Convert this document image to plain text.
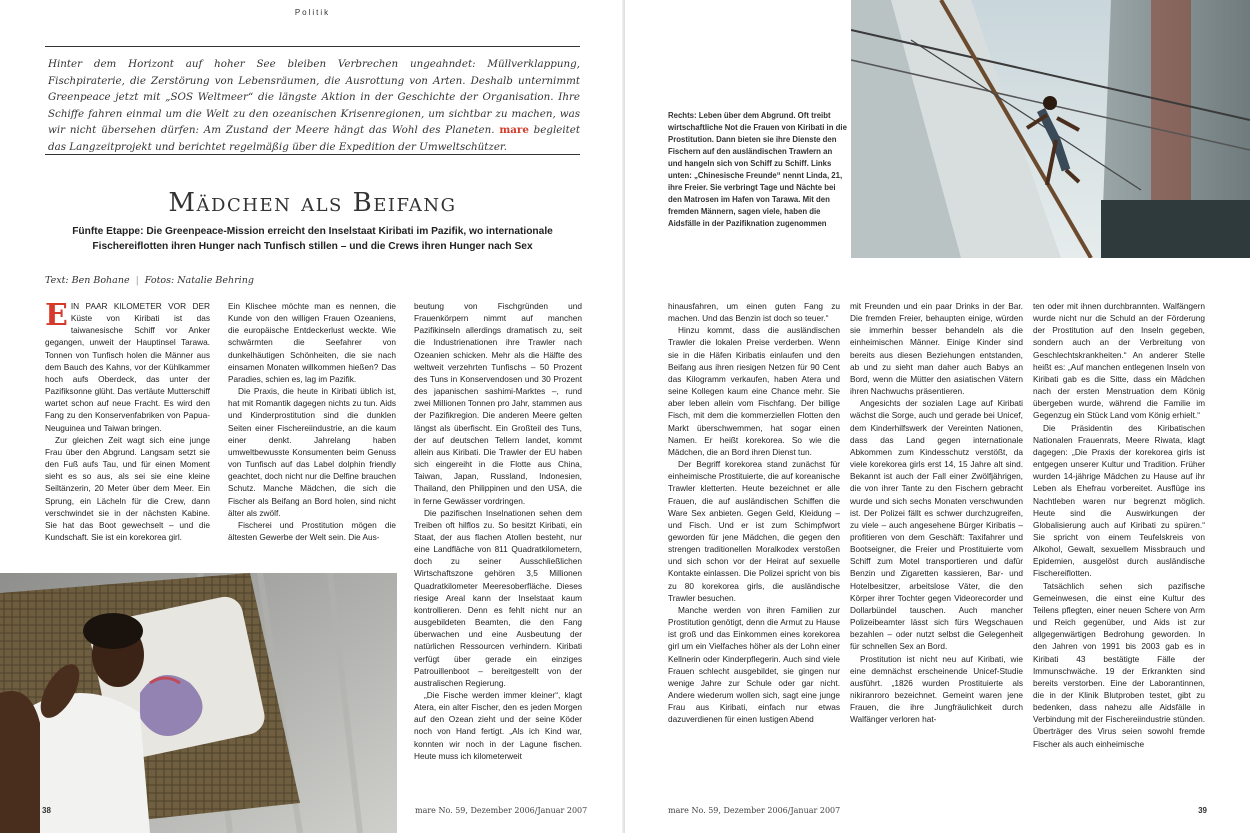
Politik

Hinter dem Horizont auf hoher See bleiben Verbrechen ungeahndet: Müllverklappung, Fischpiraterie, die Zerstörung von Lebensräumen, die Ausrottung von Arten. Deshalb unternimmt Greenpeace jetzt mit „SOS Weltmeer“ die längste Aktion in der Geschichte der Organisation. Ihre Schiffe fahren einmal um die Welt zu den ozeanischen Krisenregionen, um sichtbar zu machen, was wir nicht übersehen dürfen: Am Zustand der Meere hängt das Wohl des Planeten. mare begleitet das Langzeitprojekt und berichtet regelmäßig über die Expedition der Umweltschützer.

Mädchen als Beifang

Fünfte Etappe: Die Greenpeace-Mission erreicht den Inselstaat Kiribati im Pazifik, wo internationale Fischereiflotten ihren Hunger nach Tunfisch stillen – und die Crews ihren Hunger nach Sex

Text: Ben Bohane | Fotos: Natalie Behring

EIN PAAR KILOMETER VOR DER Küste von Kiribati ist das taiwanesische Schiff vor Anker gegangen, unweit der Hauptinsel Tarawa. Tonnen von Tunfisch holen die Männer aus dem Bauch des Kahns, vor der Kühlkammer hoch aufs Oberdeck, das unter der Pazifiksonne glüht. Das vertäute Mutterschiff wartet schon auf neue Fracht. Es wird den Fang zu den Konservenfabriken von Papua-Neuguinea und Taiwan bringen.

Zur gleichen Zeit wagt sich eine junge Frau über den Abgrund. Langsam setzt sie den Fuß aufs Tau, und für einen Moment sieht es so aus, als sei sie eine kleine Seiltänzerin, 20 Meter über dem Meer. Ein Sprung, ein Lächeln für die Crew, dann verschwindet sie in der nächsten Kabine. Sie hat das Boot gewechselt – und die Kundschaft. Sie ist ein korekorea girl.

Ein Klischee möchte man es nennen, die Kunde von den willigen Frauen Ozeaniens, die europäische Entdeckerlust weckte. Wie schwärmten die Seefahrer von dunkelhäutigen Schönheiten, die sie nach einsamen Monaten willkommen hießen? Das Paradies, schien es, lag im Pazifik.

Die Praxis, die heute in Kiribati üblich ist, hat mit Romantik dagegen nichts zu tun. Aids und Kinderprostitution sind die dunklen Seiten einer Fischereiindustrie, an die kaum einer denkt. Jahrelang haben umweltbewusste Konsumenten beim Genuss von Tunfisch auf das Label dolphin friendly geachtet, doch nicht nur die Delfine brauchen Schutz. Manche Mädchen, die sich die Fischer als Beifang an Bord holen, sind nicht älter als zwölf.

Fischerei und Prostitution mögen die ältesten Gewerbe der Welt sein. Die Aus-

beutung von Fischgründen und Frauenkörpern nimmt auf manchen Pazifikinseln allerdings dramatisch zu, seit die Industrienationen ihre Trawler nach Ozeanien schicken. Mehr als die Hälfte des weltweit verzehrten Tunfischs – 50 Prozent des Tuns in Konservendosen und 30 Prozent des japanischen sashimi-Marktes –, rund zwei Millionen Tonnen pro Jahr, stammen aus der Pazifikregion. Die anderen Meere gelten längst als überfischt. Ein Großteil des Tuns, der auf deutschen Tellern landet, kommt allein aus Kiribati. Die Trawler der EU haben sich eingereiht in die Flotte aus China, Taiwan, Japan, Russland, Indonesien, Thailand, den Philippinen und den USA, die in ferne Gewässer vordringen.

Die pazifischen Inselnationen sehen dem Treiben oft hilflos zu. So besitzt Kiribati, ein Staat, der aus flachen Atollen besteht, nur eine Landfläche von 811 Quadratkilometern, doch zu seiner Ausschließlichen Wirtschaftszone gehören 3,5 Millionen Quadratkilometer Meeresoberfläche. Dieses riesige Areal kann der Inselstaat kaum kontrollieren. Denn es fehlt nicht nur an ausgebildeten Beamten, die den Fang überwachen und eine Ausbeutung der natürlichen Ressourcen verhindern. Kiribati verfügt über gerade ein einziges Patrouillenboot – bereitgestellt von der australischen Regierung.

„Die Fische werden immer kleiner“, klagt Atera, ein alter Fischer, den es jeden Morgen auf den Ozean zieht und der seine Köder noch von Hand fertigt. „Als ich Kind war, konnten wir noch in der Lagune fischen. Heute muss ich kilometerweit

38	mare No. 59, Dezember 2006/Januar 2007
Rechts: Leben über dem Abgrund. Oft treibt wirtschaftliche Not die Frauen von Kiribati in die Prostitution. Dann bieten sie ihre Dienste den Fischern auf den ausländischen Trawlern an und hangeln sich von Schiff zu Schiff. Links unten: „Chinesische Freunde“ nennt Linda, 21, ihre Freier. Sie verbringt Tage und Nächte bei den Matrosen im Hafen von Tarawa. Mit den fremden Männern, sagen viele, haben die Aidsfälle in der Pazifiknation zugenommen

hinausfahren, um einen guten Fang zu machen. Und das Benzin ist doch so teuer.“

Hinzu kommt, dass die ausländischen Trawler die lokalen Preise verderben. Wenn sie in die Häfen Kiribatis einlaufen und den Beifang aus ihren riesigen Netzen für 90 Cent das Kilogramm verkaufen, haben Atera und seine Kollegen kaum eine Chance mehr. Sie aber leben allein vom Fischfang. Der billige Fisch, mit dem die kommerziellen Flotten den Markt überschwemmen, hat sogar einen Namen. Er heißt korekorea. So wie die Mädchen, die an Bord ihren Dienst tun.

Der Begriff korekorea stand zunächst für einheimische Prostituierte, die auf koreanische Trawler kletterten. Heute bezeichnet er alle Frauen, die auf ausländischen Schiffen die Ware Sex anbieten. Gegen Geld, Kleidung – und Fisch. Und er ist zum Schimpfwort geworden für jene Mädchen, die gegen den strengen traditionellen Moralkodex verstoßen und sich schon vor der Heirat auf sexuelle Kontakte einlassen. Die Polizei spricht von bis zu 80 korekorea girls, die ausländische Trawler besuchen.

Manche werden von ihren Familien zur Prostitution genötigt, denn die Armut zu Hause ist groß und das Einkommen eines korekorea girl um ein Vielfaches höher als der Lohn einer Kellnerin oder Kinderpflegerin. Auch sind viele Frauen schlecht ausgebildet, sie gingen nur wenige Jahre zur Schule oder gar nicht. Andere wiederum wollen sich, sagt eine junge Frau aus Kiribati, einfach nur etwas dazuverdienen für einen lustigen Abend

mit Freunden und ein paar Drinks in der Bar. Die fremden Freier, behaupten einige, würden sie immerhin besser behandeln als die einheimischen Männer. Einige Kinder sind bereits aus diesen Beziehungen entstanden, ab und zu sieht man daher auch Babys an Bord, wenn die Mütter den asiatischen Vätern ihren Nachwuchs präsentieren.

Angesichts der sozialen Lage auf Kiribati wächst die Sorge, auch und gerade bei Unicef, dem Kinderhilfswerk der Vereinten Nationen, dass das Land gegen internationale Abkommen zum Kindesschutz verstößt, da viele korekorea girls erst 14, 15 Jahre alt sind. Bekannt ist auch der Fall einer Zwölfjährigen, die von ihrer Tante zu den Fischern gebracht wurde und sich sechs Monaten verschwunden ist. Der Polizei fällt es schwer durchzugreifen, zu viele – auch angesehene Bürger Kiribatis – profitieren von dem Geschäft: Taxifahrer und Bootseigner, die Freier und Prostituierte vom Schiff zum Motel transportieren und dafür Benzin und Zigaretten kassieren, Bar- und Hotelbesitzer, arbeitslose Väter, die den Körper ihrer Tochter gegen Videorecorder und Dollarbündel tauschen. Auch mancher Polizeibeamter lässt sich fürs Wegschauen bezahlen – oder nutzt selbst die Gelegenheit für schnellen Sex an Bord.

Prostitution ist nicht neu auf Kiribati, wie eine demnächst erscheinende Unicef-Studie ausführt. „1826 wurden Prostituierte als nikiranroro bezeichnet. Gemeint waren jene Frauen, die ihre Jungfräulichkeit durch Walfänger verloren hat-

ten oder mit ihnen durchbrannten. Walfängern wurde nicht nur die Schuld an der Förderung der Prostitution auf den Inseln gegeben, sondern auch an der Verbreitung von Geschlechtskrankheiten.“ An anderer Stelle heißt es: „Auf manchen entlegenen Inseln von Kiribati gab es die Sitte, dass ein Mädchen nach der ersten Menstruation dem König übergeben wurde, während die Familie im Gegenzug ein Stück Land vom König erhielt.“

Die Präsidentin des Kiribatischen Nationalen Frauenrats, Meere Riwata, klagt dagegen: „Die Praxis der korekorea girls ist entgegen unserer Kultur und Tradition. Früher wurden 14-jährige Mädchen zu Hause auf ihr Leben als Ehefrau vorbereitet. Ausflüge ins Nachtleben waren nur begrenzt möglich. Heute sind die Auswirkungen der Globalisierung auch auf Kiribati zu spüren.“ Sie spricht von einem Teufelskreis von Alkohol, Gewalt, sexuellem Missbrauch und Epidemien, ausgelöst durch ausländische Fischereiflotten.

Tatsächlich sehen sich pazifische Gemeinwesen, die einst eine Kultur des Teilens pflegten, einer neuen Schere von Arm und Reich gegenüber, und Aids ist zur allgegenwärtigen Bedrohung geworden. In den Jahren von 1991 bis 2003 gab es in Kiribati 43 bestätigte Fälle der Immunschwäche. 19 der Erkrankten sind bereits verstorben. Eine der Laborantinnen, die in der Klinik Blutproben testet, gibt zu bedenken, dass nahezu alle Aidsfälle in Verbindung mit der Fischereiindustrie stünden. Überträger des Virus seien sowohl fremde Fischer als auch einheimische

mare No. 59, Dezember 2006/Januar 2007	39
